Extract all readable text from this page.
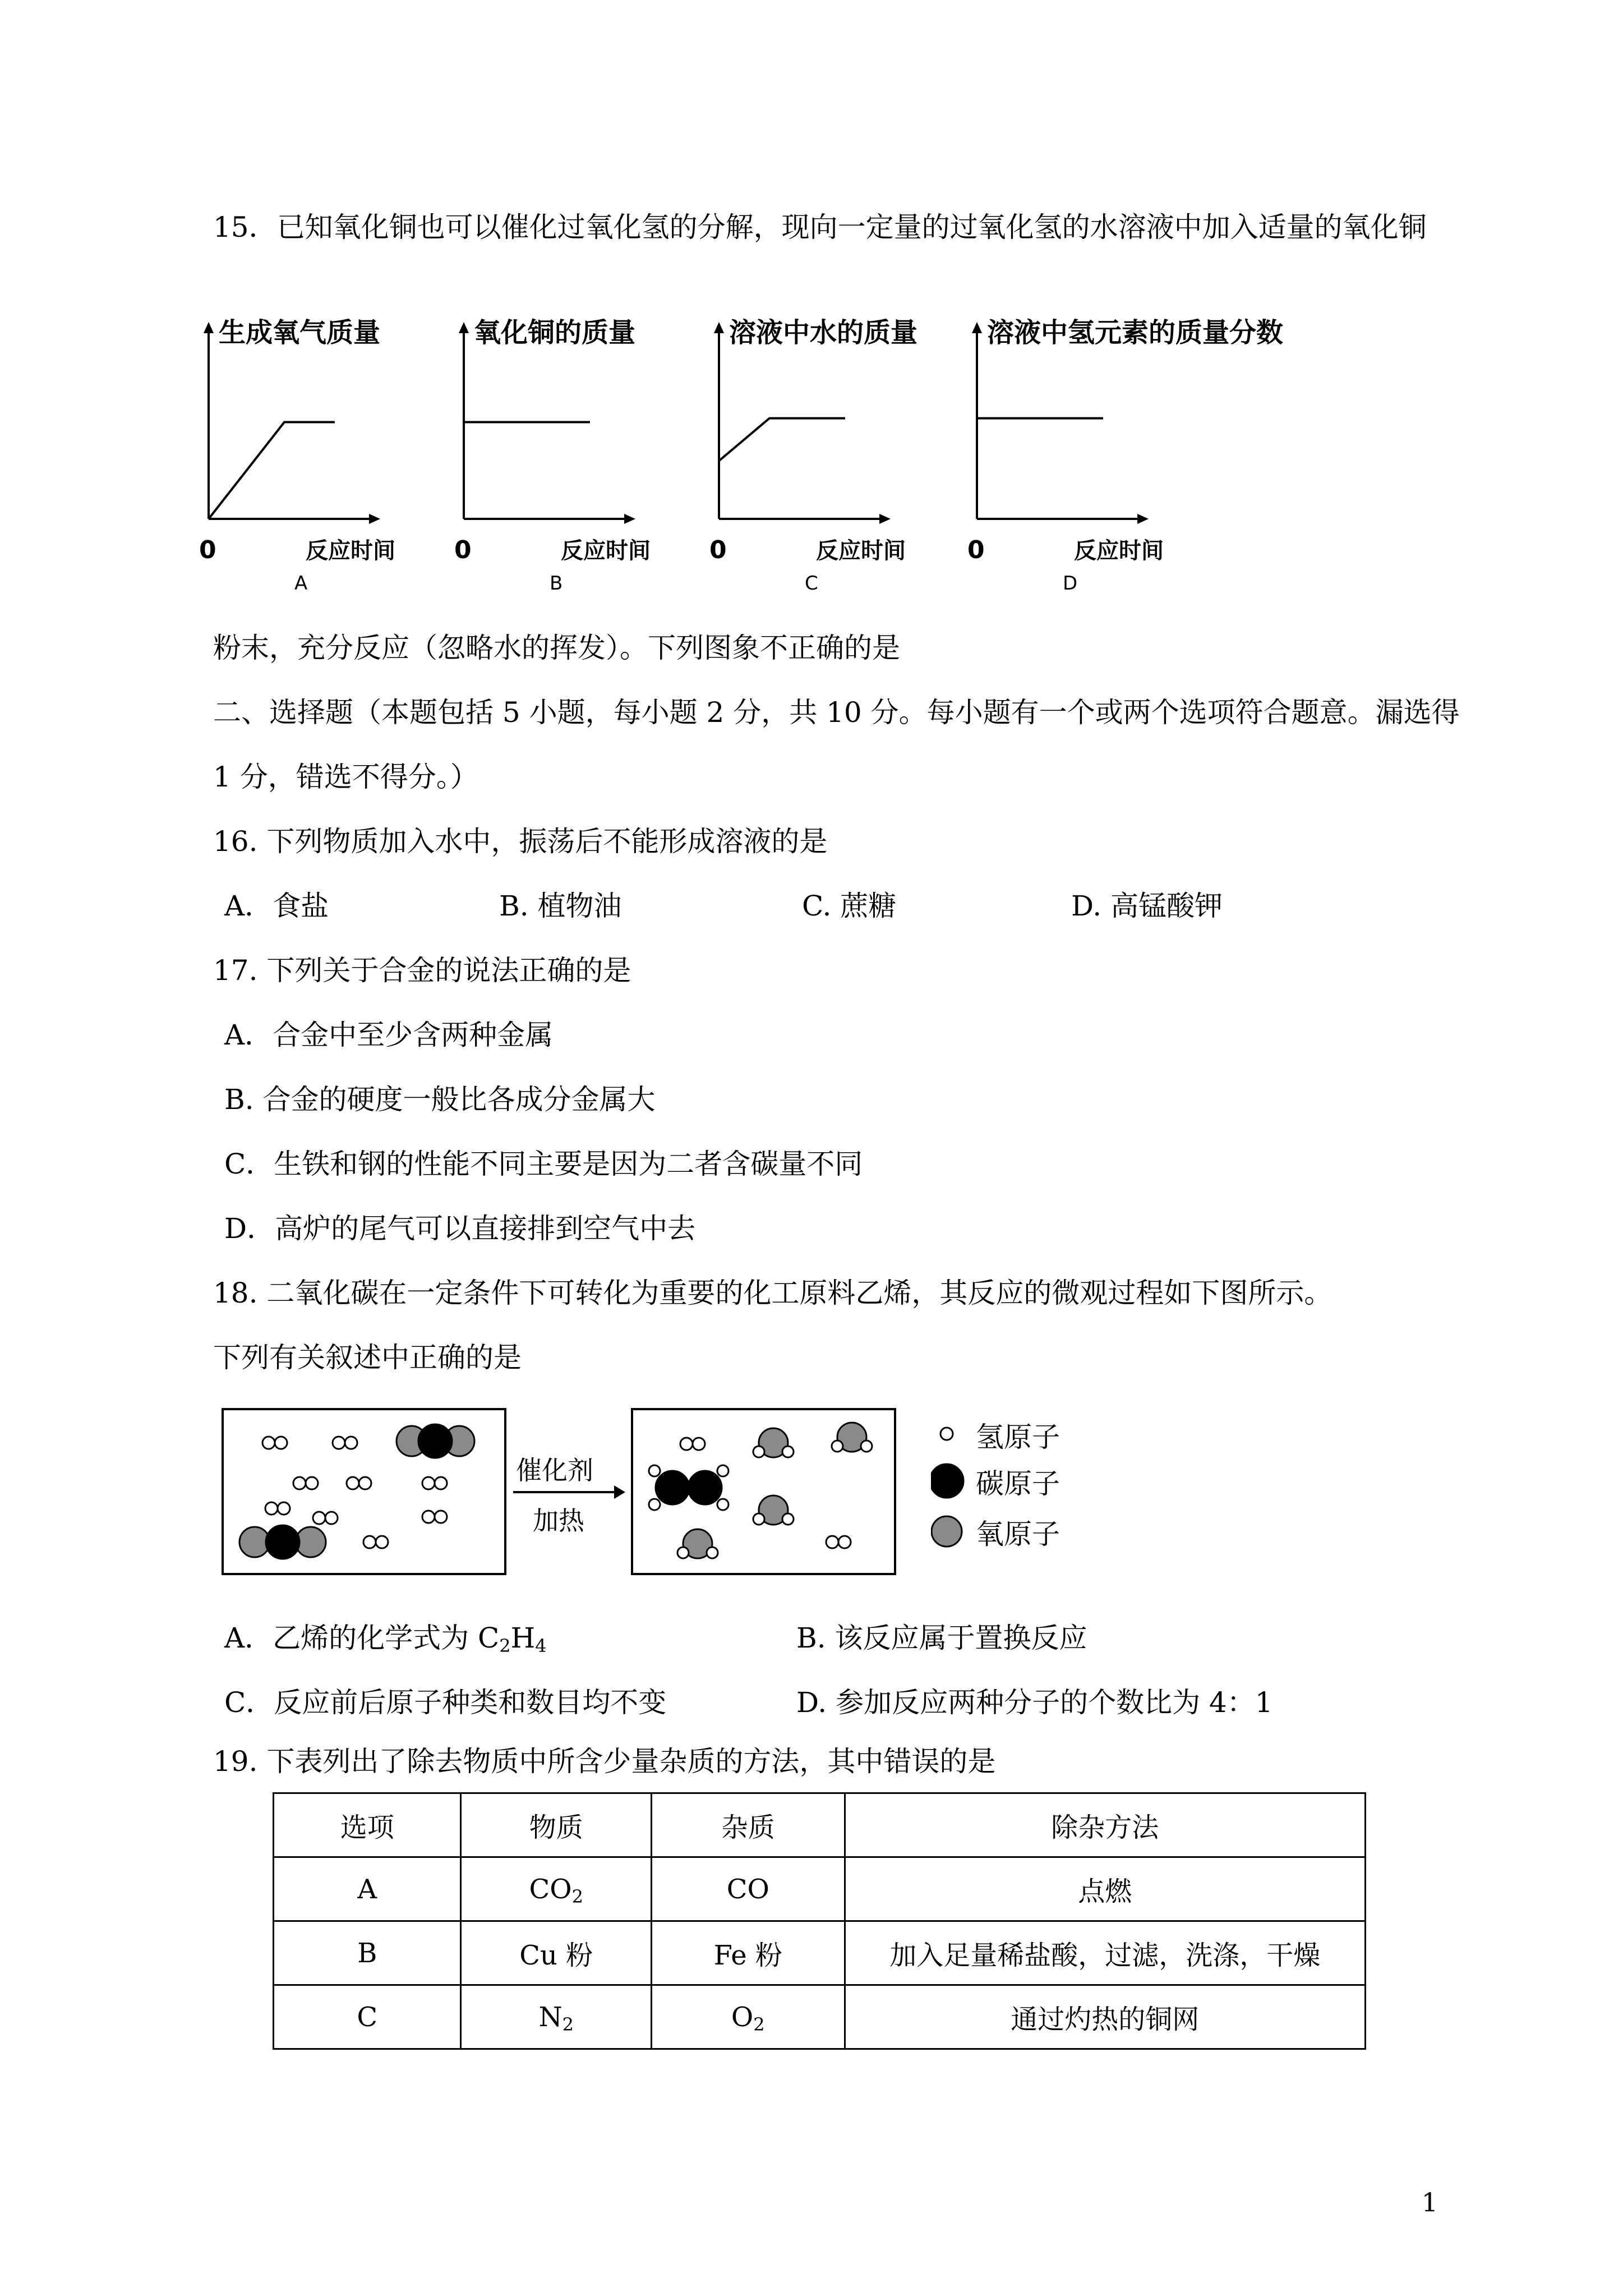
15．已知氧化铜也可以催化过氧化氢的分解，现向一定量的过氧化氢的水溶液中加入适量的氧化铜
生成氧气质量
0	反应时间
A
氧化铜的质量
0	反应时间
B
溶液中水的质量
0	反应时间
C
溶液中氢元素的质量分数
0	反应时间
D
粉末，充分反应（忽略水的挥发）。下列图象不正确的是
二、选择题（本题包括 5 小题，每小题 2 分，共 10 分。每小题有一个或两个选项符合题意。漏选得
1 分，错选不得分。）
16. 下列物质加入水中，振荡后不能形成溶液的是
A．食盐	B. 植物油	C. 蔗糖	D. 高锰酸钾
17. 下列关于合金的说法正确的是
A．合金中至少含两种金属
B. 合金的硬度一般比各成分金属大
C．生铁和钢的性能不同主要是因为二者含碳量不同
D．高炉的尾气可以直接排到空气中去
18. 二氧化碳在一定条件下可转化为重要的化工原料乙烯，其反应的微观过程如下图所示。
下列有关叙述中正确的是
催化剂
加热
氢原子
碳原子
氧原子
A．乙烯的化学式为 $C_2H_4$	B. 该反应属于置换反应
C．反应前后原子种类和数目均不变	D. 参加反应两种分子的个数比为 4：1
19. 下表列出了除去物质中所含少量杂质的方法，其中错误的是
选项	物质	杂质	除杂方法
A	$CO_2$	CO	点燃
B	Cu 粉	Fe 粉	加入足量稀盐酸，过滤，洗涤，干燥
C	$N_2$	$O_2$	通过灼热的铜网
1
